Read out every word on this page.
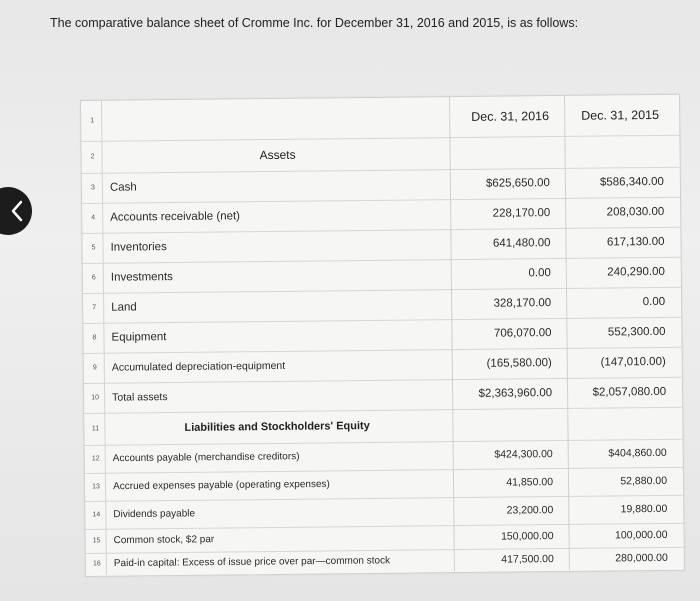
The comparative balance sheet of Cromme Inc. for December 31, 2016 and 2015, is as follows:
1	Dec. 31, 2016	Dec. 31, 2015
2	Assets
3	Cash	$625,650.00	$586,340.00
4	Accounts receivable (net)	228,170.00	208,030.00
5	Inventories	641,480.00	617,130.00
6	Investments	0.00	240,290.00
7	Land	328,170.00	0.00
8	Equipment	706,070.00	552,300.00
9	Accumulated depreciation-equipment	(165,580.00)	(147,010.00)
10 Total assets	$2,363,960.00	$2,057,080.00
11	Liabilities and Stockholders' Equity
12	Accounts payable (merchandise creditors)	$424,300.00	$404,860.00
13	Accrued expenses payable (operating expenses)	41,850.00	52,880.00
14	Dividends payable	23,200.00	19,880.00
15	Common stock, $2 par	150,000.00	100,000.00
16	Paid-in capital: Excess of issue price over par—common stock	417,500.00	280,000.00
